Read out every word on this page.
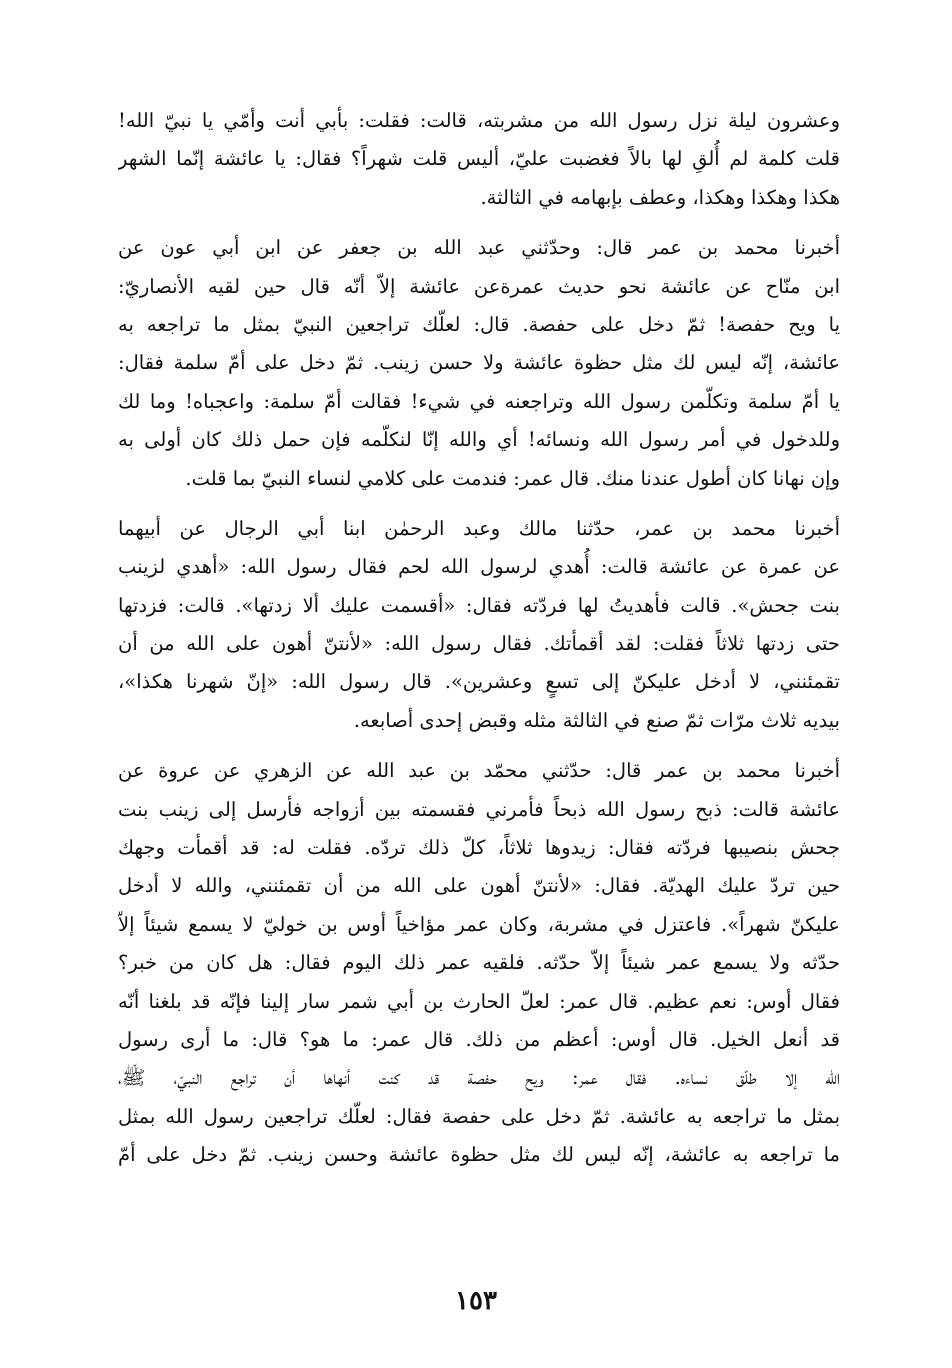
وعشرون ليلة نزل رسول الله من مشربته، قالت: فقلت: بأبي أنت وأمّي يا نبيّ الله!
قلت كلمة لم أُلقِ لها بالاً فغضبت عليّ، أليس قلت شهراً؟ فقال: يا عائشة إنّما الشهر
هكذا وهكذا وهكذا، وعطف بإبهامه في الثالثة.
أخبرنا محمد بن عمر قال: وحدّثني عبد الله بن جعفر عن ابن أبي عون عن
ابن منّاح عن عائشة نحو حديث عمرةعن عائشة إلاّ أنّه قال حين لقيه الأنصاريّ:
يا ويح حفصة! ثمّ دخل على حفصة. قال: لعلّك تراجعين النبيّ بمثل ما تراجعه به
عائشة، إنّه ليس لك مثل حظوة عائشة ولا حسن زينب. ثمّ دخل على أمّ سلمة فقال:
يا أمّ سلمة وتكلّمن رسول الله وتراجعنه في شيء! فقالت أمّ سلمة: واعجباه! وما لك
وللدخول في أمر رسول الله ونسائه! أي والله إنّا لنكلّمه فإن حمل ذلك كان أولى به
وإن نهانا كان أطول عندنا منك. قال عمر: فندمت على كلامي لنساء النبيّ بما قلت.
أخبرنا محمد بن عمر، حدّثنا مالك وعبد الرحمٰن ابنا أبي الرجال عن أبيهما
عن عمرة عن عائشة قالت: أُهدي لرسول الله لحم فقال رسول الله: «أهدي لزينب
بنت جحش». قالت فأهديتُ لها فردّته فقال: «أقسمت عليك ألا زدتها». قالت: فزدتها
حتى زدتها ثلاثاً فقلت: لقد أقمأتك. فقال رسول الله: «لأنتنّ أهون على الله من أن
تقمئنني، لا أدخل عليكنّ إلى تسعٍ وعشرين». قال رسول الله: «إنّ شهرنا هكذا»،
بيديه ثلاث مرّات ثمّ صنع في الثالثة مثله وقبض إحدى أصابعه.
أخبرنا محمد بن عمر قال: حدّثني محمّد بن عبد الله عن الزهري عن عروة عن
عائشة قالت: ذبح رسول الله ذبحاً فأمرني فقسمته بين أزواجه فأرسل إلى زينب بنت
جحش بنصيبها فردّته فقال: زيدوها ثلاثاً، كلّ ذلك تردّه. فقلت له: قد أقمأت وجهك
حين تردّ عليك الهديّة. فقال: «لأنتنّ أهون على الله من أن تقمئنني، والله لا أدخل
عليكنّ شهراً». فاعتزل في مشربة، وكان عمر مؤاخياً أوس بن خوليّ لا يسمع شيئاً إلاّ
حدّثه ولا يسمع عمر شيئاً إلاّ حدّثه. فلقيه عمر ذلك اليوم فقال: هل كان من خبر؟
فقال أوس: نعم عظيم. قال عمر: لعلّ الحارث بن أبي شمر سار إلينا فإنّه قد بلغنا أنّه
قد أنعل الخيل. قال أوس: أعظم من ذلك. قال عمر: ما هو؟ قال: ما أرى رسول
الله إلا طلّق نساءه. فقال عمر: ويح حفصة قد كنت أنهاها أن تراجع النبيّ، ﷺ،
بمثل ما تراجعه به عائشة. ثمّ دخل على حفصة فقال: لعلّك تراجعين رسول الله بمثل
ما تراجعه به عائشة، إنّه ليس لك مثل حظوة عائشة وحسن زينب. ثمّ دخل على أمّ
١٥٣
